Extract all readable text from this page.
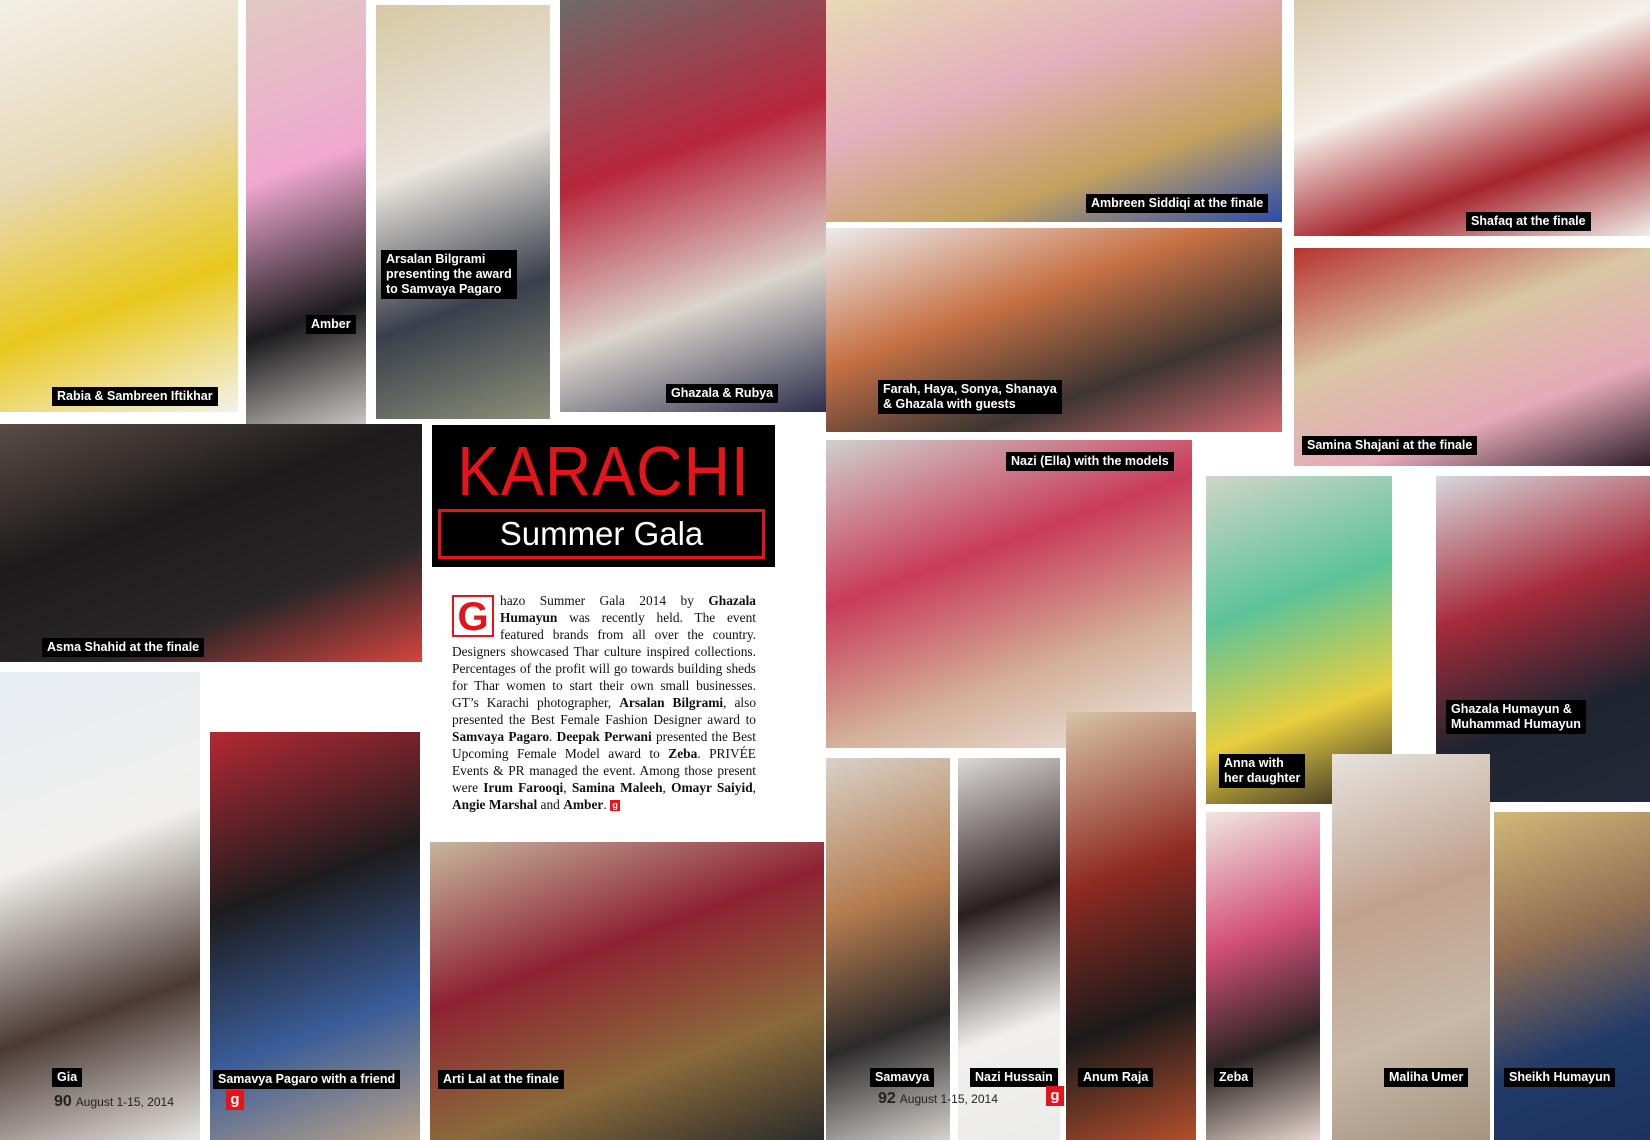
Rabia & Sambreen Iftikhar
Amber
Arsalan Bilgrami
presenting the award
to Samvaya Pagaro
Ghazala & Rubya
Ambreen Siddiqi at the finale
Shafaq at the finale
Farah, Haya, Sonya, Shanaya
& Ghazala with guests
Samina Shajani at the finale
Asma Shahid at the finale
Nazi (Ella) with the models
Anna with
her daughter
Ghazala Humayun &
Muhammad Humayun
Gia	Samavya Pagaro with a friend	Arti Lal at the finale	Samavya	Nazi Hussain	Anum Raja	Zeba	Maliha Umer	Sheikh Humayun
KARACHI
Summer Gala
G hazo Summer Gala 2014 by Ghazala Humayun was recently held. The event featured brands from all over the country. Designers showcased Thar culture inspired collections. Percentages of the profit will go towards building sheds for Thar women to start their own small businesses. GT’s Karachi photographer, Arsalan Bilgrami, also presented the Best Female Fashion Designer award to Samvaya Pagaro. Deepak Perwani presented the Best Upcoming Female Model award to Zeba. PRIVÉE Events & PR managed the event. Among those present were Irum Farooqi, Samina Maleeh, Omayr Saiyid, Angie Marshal and Amber. g
90 August 1-15, 2014	g	92 August 1-15, 2014	g
